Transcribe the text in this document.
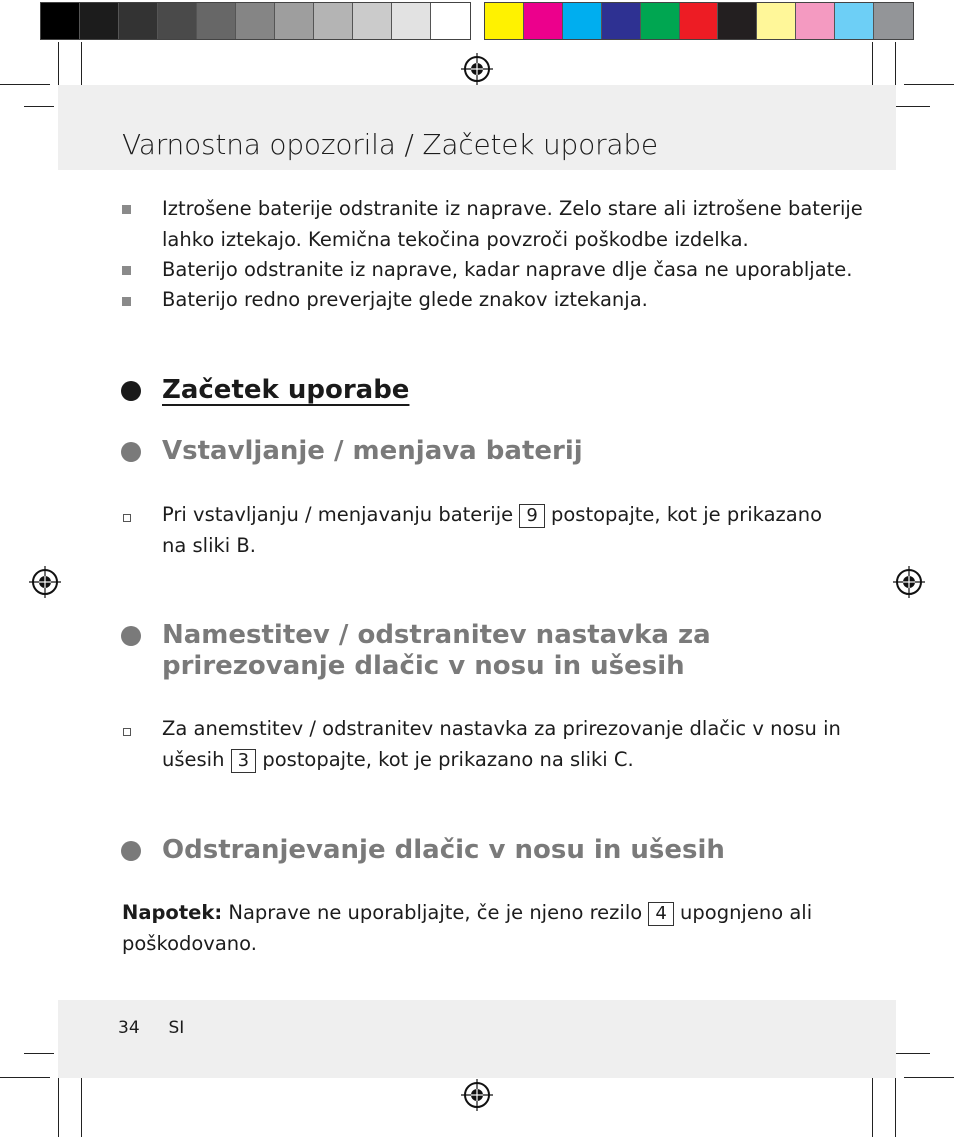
Varnostna opozorila / Začetek uporabe
Iztrošene baterije odstranite iz naprave. Zelo stare ali iztrošene baterije
lahko iztekajo. Kemična tekočina povzroči poškodbe izdelka.
Baterijo odstranite iz naprave, kadar naprave dlje časa ne uporabljate.
Baterijo redno preverjajte glede znakov iztekanja.
Začetek uporabe
Vstavljanje / menjava baterij
Pri vstavljanju / menjavanju baterije 9 postopajte, kot je prikazano
na sliki B.
Namestitev / odstranitev nastavka za
prirezovanje dlačic v nosu in ušesih
Za anemstitev / odstranitev nastavka za prirezovanje dlačic v nosu in
ušesih 3 postopajte, kot je prikazano na sliki C.
Odstranjevanje dlačic v nosu in ušesih
Napotek: Naprave ne uporabljajte, če je njeno rezilo 4 upognjeno ali
poškodovano.
34 SI
